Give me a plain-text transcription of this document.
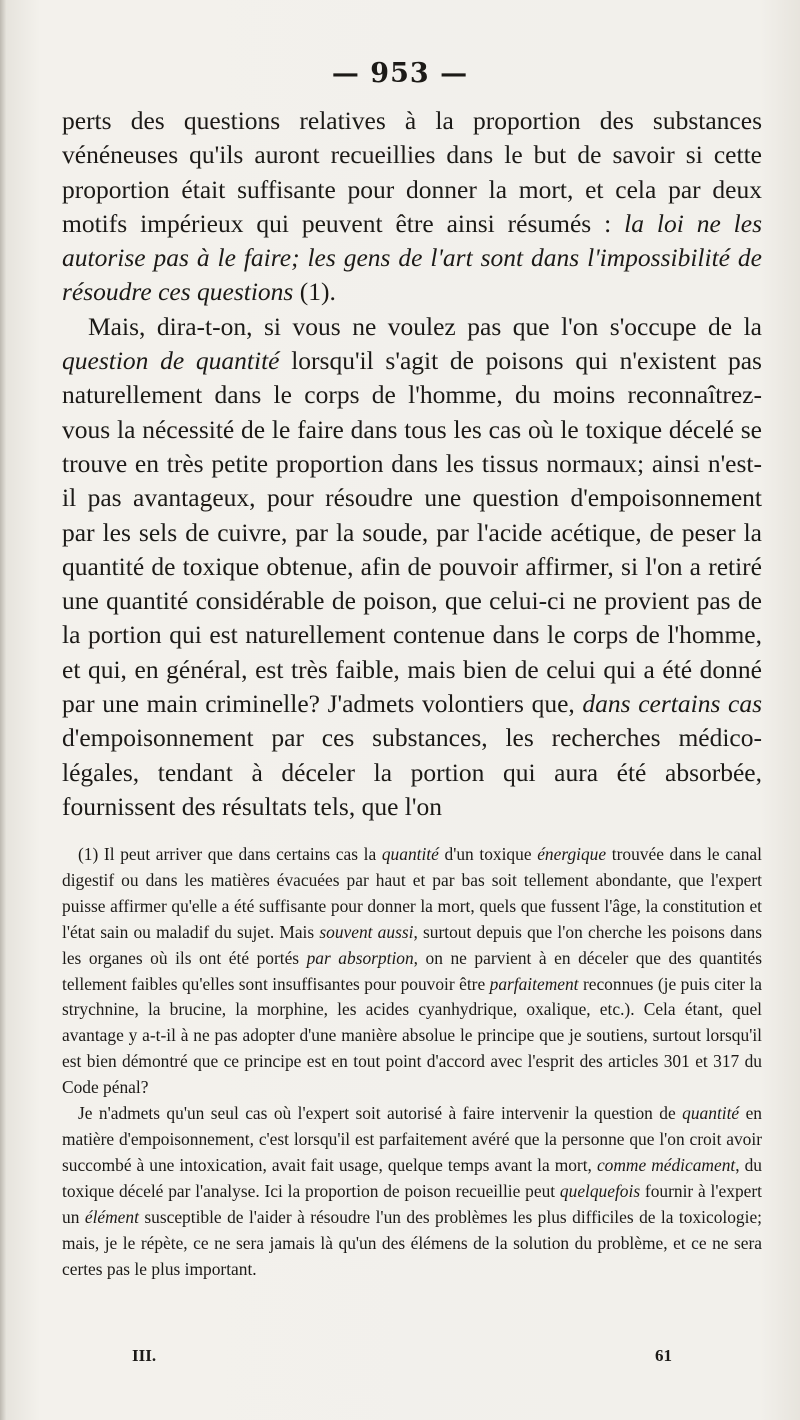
— 953 —

perts des questions relatives à la proportion des substances vénéneuses qu'ils auront recueillies dans le but de savoir si cette proportion était suffisante pour donner la mort, et cela par deux motifs impérieux qui peuvent être ainsi résumés : la loi ne les autorise pas à le faire; les gens de l'art sont dans l'impossibilité de résoudre ces questions (1).

Mais, dira-t-on, si vous ne voulez pas que l'on s'occupe de la question de quantité lorsqu'il s'agit de poisons qui n'existent pas naturellement dans le corps de l'homme, du moins reconnaîtrez-vous la nécessité de le faire dans tous les cas où le toxique décelé se trouve en très petite proportion dans les tissus normaux; ainsi n'est-il pas avantageux, pour résoudre une question d'empoisonnement par les sels de cuivre, par la soude, par l'acide acétique, de peser la quantité de toxique obtenue, afin de pouvoir affirmer, si l'on a retiré une quantité considérable de poison, que celui-ci ne provient pas de la portion qui est naturellement contenue dans le corps de l'homme, et qui, en général, est très faible, mais bien de celui qui a été donné par une main criminelle? J'admets volontiers que, dans certains cas d'empoisonnement par ces substances, les recherches médico-légales, tendant à déceler la portion qui aura été absorbée, fournissent des résultats tels, que l'on

(1) Il peut arriver que dans certains cas la quantité d'un toxique énergique trouvée dans le canal digestif ou dans les matières évacuées par haut et par bas soit tellement abondante, que l'expert puisse affirmer qu'elle a été suffisante pour donner la mort, quels que fussent l'âge, la constitution et l'état sain ou maladif du sujet. Mais souvent aussi, surtout depuis que l'on cherche les poisons dans les organes où ils ont été portés par absorption, on ne parvient à en déceler que des quantités tellement faibles qu'elles sont insuffisantes pour pouvoir être parfaitement reconnues (je puis citer la strychnine, la brucine, la morphine, les acides cyanhydrique, oxalique, etc.). Cela étant, quel avantage y a-t-il à ne pas adopter d'une manière absolue le principe que je soutiens, surtout lorsqu'il est bien démontré que ce principe est en tout point d'accord avec l'esprit des articles 301 et 317 du Code pénal?

Je n'admets qu'un seul cas où l'expert soit autorisé à faire intervenir la question de quantité en matière d'empoisonnement, c'est lorsqu'il est parfaitement avéré que la personne que l'on croit avoir succombé à une intoxication, avait fait usage, quelque temps avant la mort, comme médicament, du toxique décelé par l'analyse. Ici la proportion de poison recueillie peut quelquefois fournir à l'expert un élément susceptible de l'aider à résoudre l'un des problèmes les plus difficiles de la toxicologie; mais, je le répète, ce ne sera jamais là qu'un des élémens de la solution du problème, et ce ne sera certes pas le plus important.

III.	61
